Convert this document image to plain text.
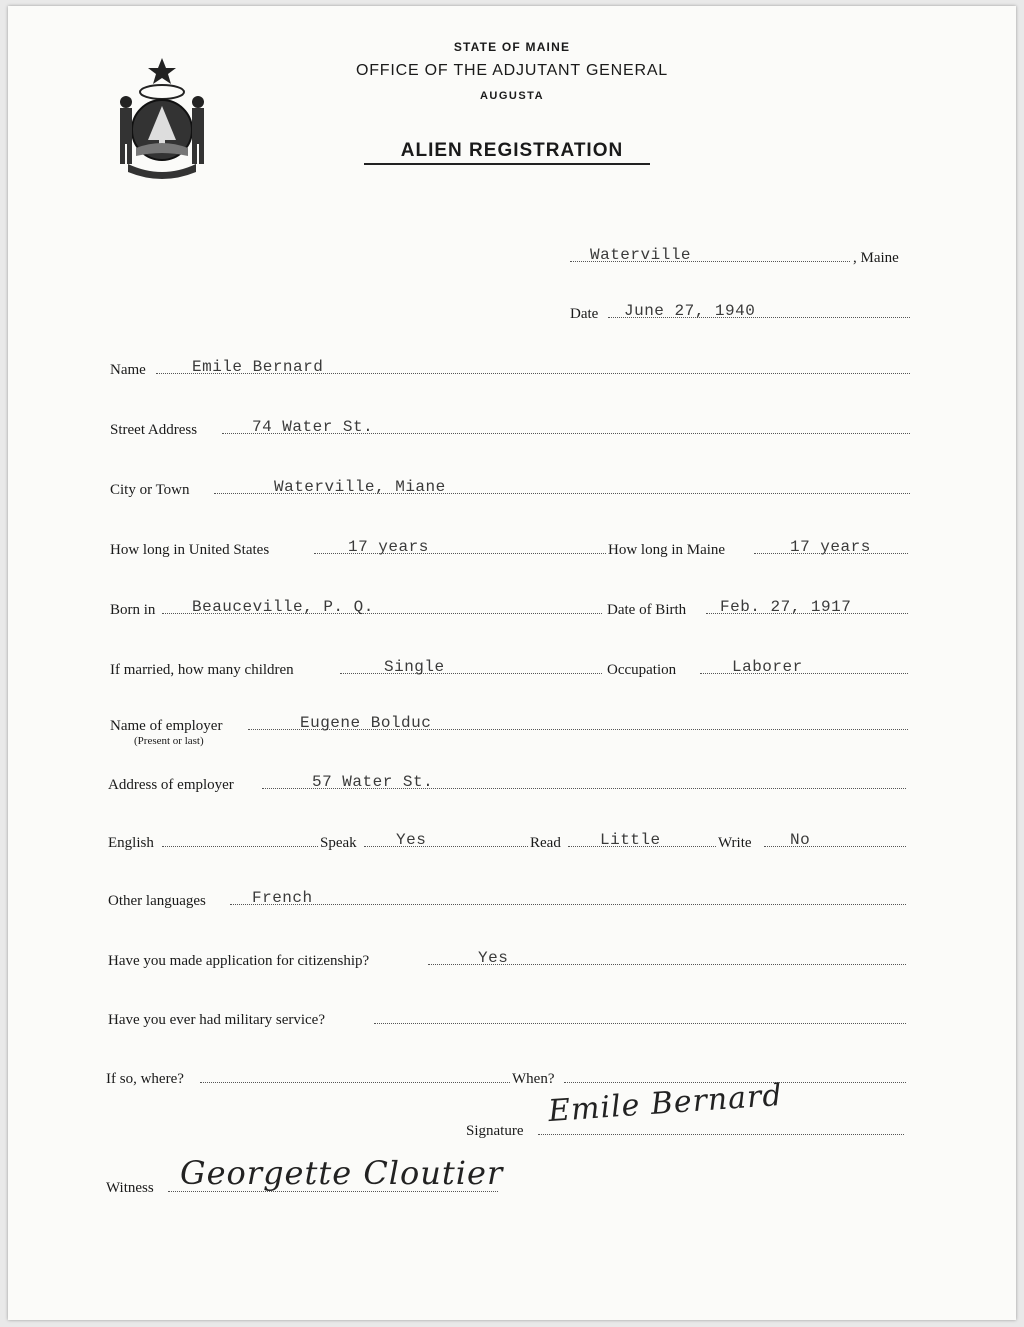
STATE OF MAINE
OFFICE OF THE ADJUTANT GENERAL
AUGUSTA
ALIEN REGISTRATION
Waterville	, Maine
Date June 27, 1940
Name	Emile Bernard
Street Address	74 Water St.
City or Town	Waterville, Miane
How long in United States	17 years	How long in Maine	17 years
Born in Beauceville, P. Q.	Date of Birth Feb. 27, 1917
If married, how many children	Single	Occupation	Laborer
Name of employer	Eugene Bolduc
(Present or last)
Address of employer	57 Water St.
English	Speak Yes	Read Little	Write No
Other languages	French
Have you made application for citizenship?	Yes
Have you ever had military service?
If so, where?	When?
Signature
Emile Bernard
Witness Georgette Cloutier
